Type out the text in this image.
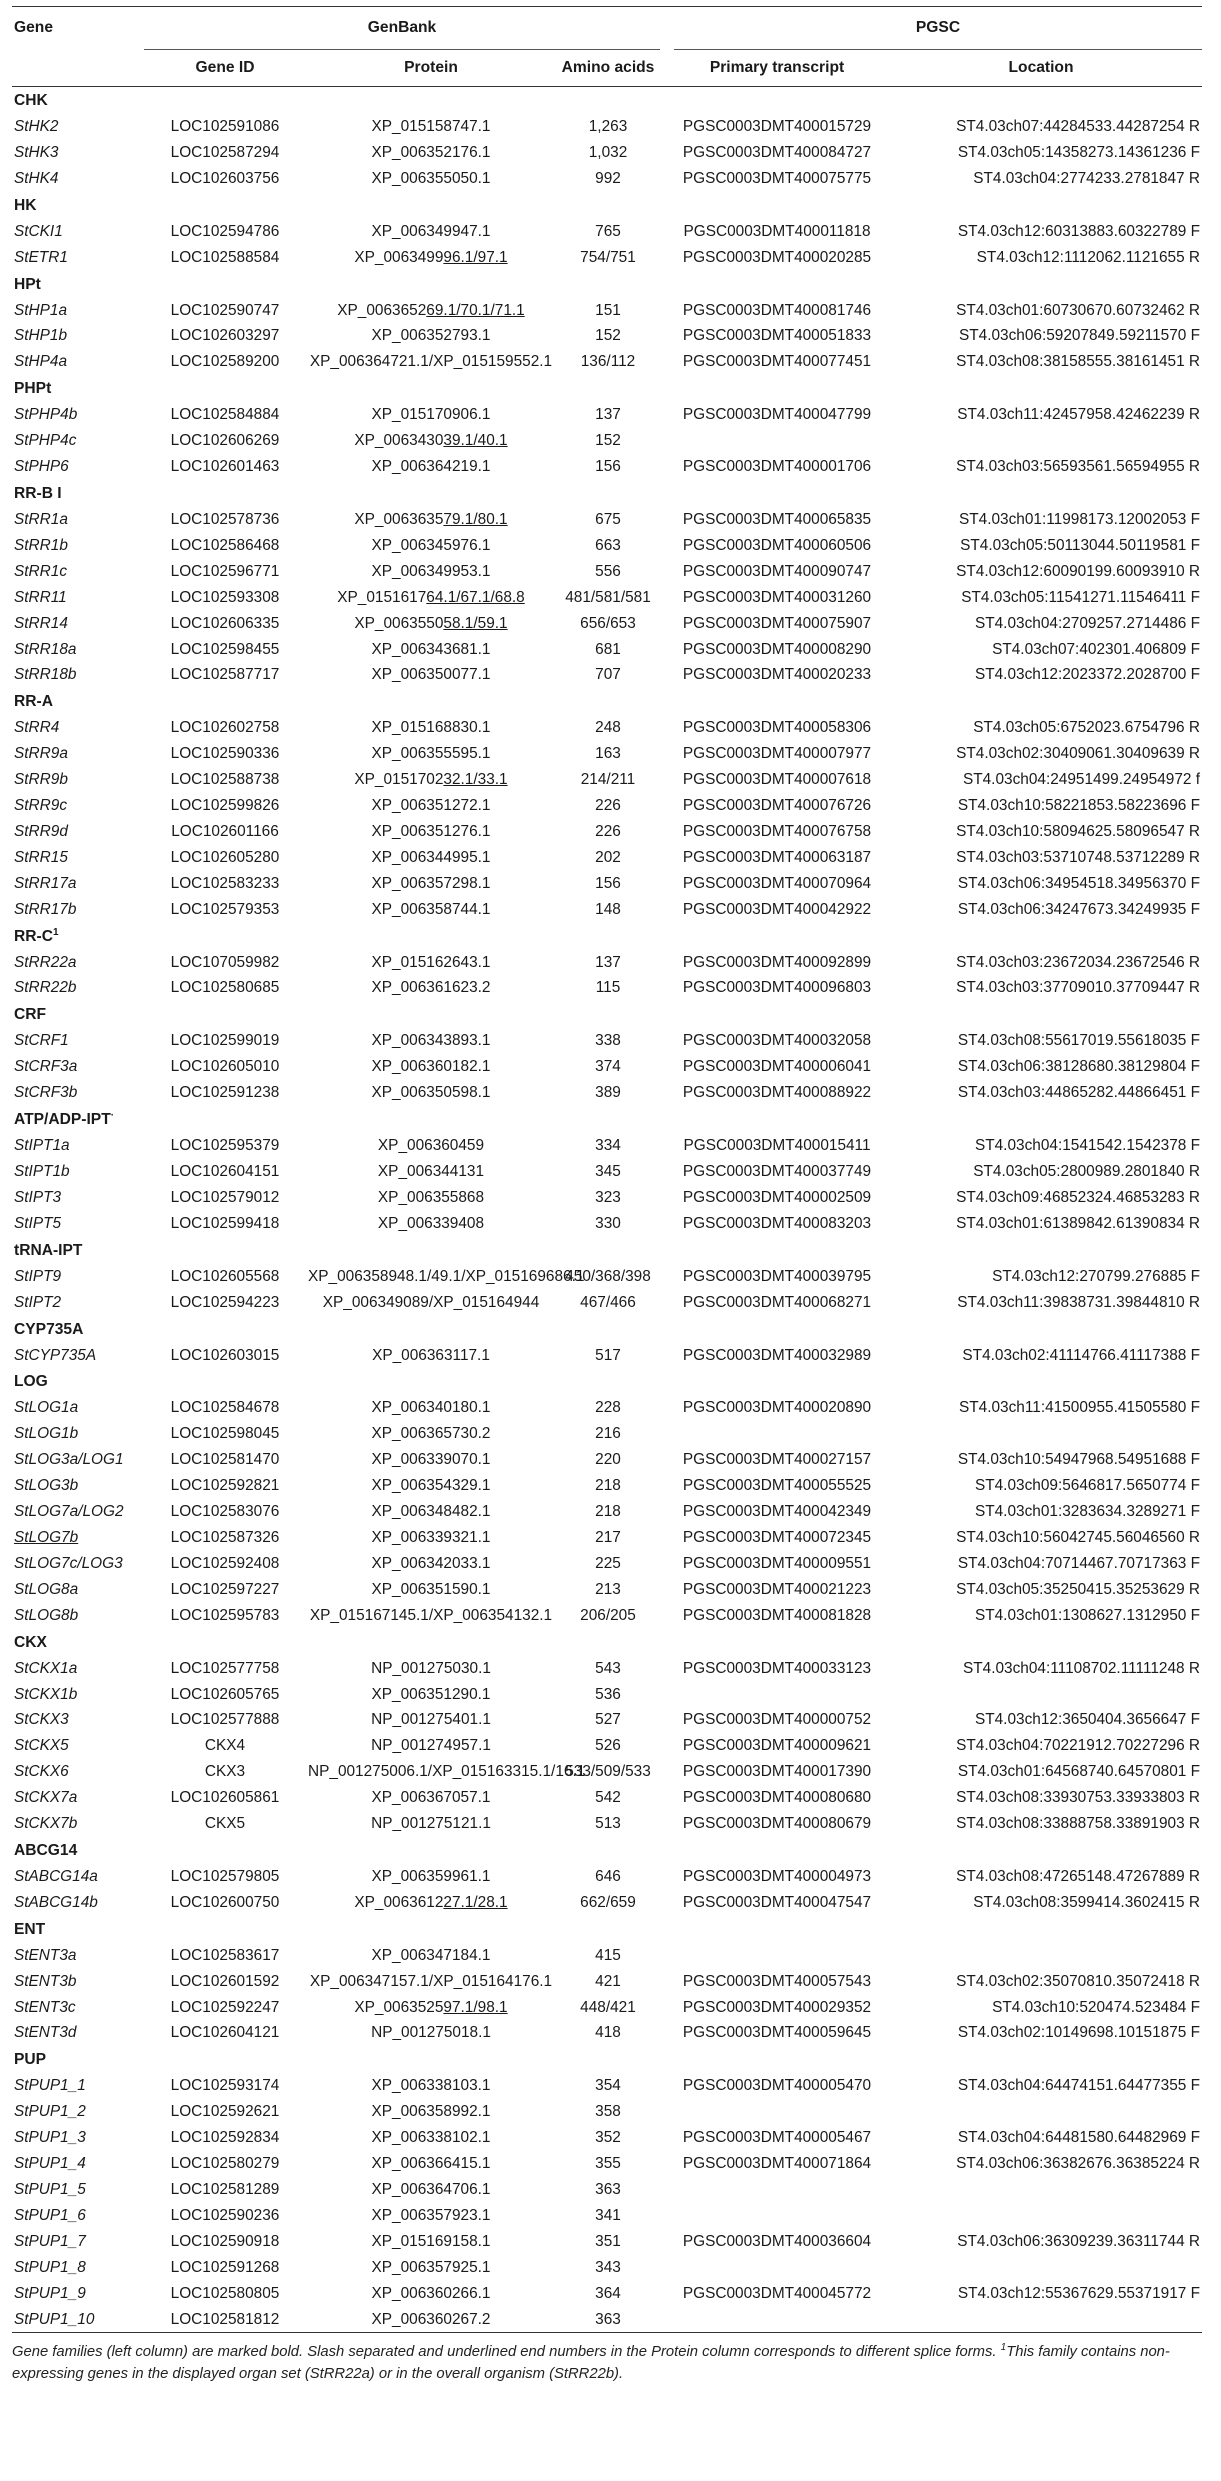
Gene	GenBank				PGSC	
	Gene ID	Protein	Amino acids		Primary transcript	Location
CHK						
StHK2	LOC102591086	XP_015158747.1	1,263		PGSC0003DMT400015729	ST4.03ch07:44284533.44287254 R
StHK3	LOC102587294	XP_006352176.1	1,032		PGSC0003DMT400084727	ST4.03ch05:14358273.14361236 F
StHK4	LOC102603756	XP_006355050.1	992		PGSC0003DMT400075775	ST4.03ch04:2774233.2781847 R
HK						
StCKI1	LOC102594786	XP_006349947.1	765		PGSC0003DMT400011818	ST4.03ch12:60313883.60322789 F
StETR1	LOC102588584	XP_006349996.1/97.1	754/751		PGSC0003DMT400020285	ST4.03ch12:1112062.1121655 R
HPt						
StHP1a	LOC102590747	XP_006365269.1/70.1/71.1	151		PGSC0003DMT400081746	ST4.03ch01:60730670.60732462 R
StHP1b	LOC102603297	XP_006352793.1	152		PGSC0003DMT400051833	ST4.03ch06:59207849.59211570 F
StHP4a	LOC102589200	XP_006364721.1/XP_015159552.1	136/112		PGSC0003DMT400077451	ST4.03ch08:38158555.38161451 R
PHPt						
StPHP4b	LOC102584884	XP_015170906.1	137		PGSC0003DMT400047799	ST4.03ch11:42457958.42462239 R
StPHP4c	LOC102606269	XP_006343039.1/40.1	152			
StPHP6	LOC102601463	XP_006364219.1	156		PGSC0003DMT400001706	ST4.03ch03:56593561.56594955 R
RR-B I						
StRR1a	LOC102578736	XP_006363579.1/80.1	675		PGSC0003DMT400065835	ST4.03ch01:11998173.12002053 F
StRR1b	LOC102586468	XP_006345976.1	663		PGSC0003DMT400060506	ST4.03ch05:50113044.50119581 F
StRR1c	LOC102596771	XP_006349953.1	556		PGSC0003DMT400090747	ST4.03ch12:60090199.60093910 R
StRR11	LOC102593308	XP_015161764.1/67.1/68.8	481/581/581		PGSC0003DMT400031260	ST4.03ch05:11541271.11546411 F
StRR14	LOC102606335	XP_006355058.1/59.1	656/653		PGSC0003DMT400075907	ST4.03ch04:2709257.2714486 F
StRR18a	LOC102598455	XP_006343681.1	681		PGSC0003DMT400008290	ST4.03ch07:402301.406809 F
StRR18b	LOC102587717	XP_006350077.1	707		PGSC0003DMT400020233	ST4.03ch12:2023372.2028700 F
RR-A						
StRR4	LOC102602758	XP_015168830.1	248		PGSC0003DMT400058306	ST4.03ch05:6752023.6754796 R
StRR9a	LOC102590336	XP_006355595.1	163		PGSC0003DMT400007977	ST4.03ch02:30409061.30409639 R
StRR9b	LOC102588738	XP_015170232.1/33.1	214/211		PGSC0003DMT400007618	ST4.03ch04:24951499.24954972 f
StRR9c	LOC102599826	XP_006351272.1	226		PGSC0003DMT400076726	ST4.03ch10:58221853.58223696 F
StRR9d	LOC102601166	XP_006351276.1	226		PGSC0003DMT400076758	ST4.03ch10:58094625.58096547 R
StRR15	LOC102605280	XP_006344995.1	202		PGSC0003DMT400063187	ST4.03ch03:53710748.53712289 R
StRR17a	LOC102583233	XP_006357298.1	156		PGSC0003DMT400070964	ST4.03ch06:34954518.34956370 F
StRR17b	LOC102579353	XP_006358744.1	148		PGSC0003DMT400042922	ST4.03ch06:34247673.34249935 F
$RR-C^1$
StRR22a	LOC107059982	XP_015162643.1	137		PGSC0003DMT400092899	ST4.03ch03:23672034.23672546 R
StRR22b	LOC102580685	XP_006361623.2	115		PGSC0003DMT400096803	ST4.03ch03:37709010.37709447 R
CRF						
StCRF1	LOC102599019	XP_006343893.1	338		PGSC0003DMT400032058	ST4.03ch08:55617019.55618035 F
StCRF3a	LOC102605010	XP_006360182.1	374		PGSC0003DMT400006041	ST4.03ch06:38128680.38129804 F
StCRF3b	LOC102591238	XP_006350598.1	389		PGSC0003DMT400088922	ST4.03ch03:44865282.44866451 F
ATP/ADP-IPT·
StIPT1a	LOC102595379	XP_006360459	334		PGSC0003DMT400015411	ST4.03ch04:1541542.1542378 F
StIPT1b	LOC102604151	XP_006344131	345		PGSC0003DMT400037749	ST4.03ch05:2800989.2801840 R
StIPT3	LOC102579012	XP_006355868	323		PGSC0003DMT400002509	ST4.03ch09:46852324.46853283 R
StIPT5	LOC102599418	XP_006339408	330		PGSC0003DMT400083203	ST4.03ch01:61389842.61390834 R
tRNA-IPT						
StIPT9	LOC102605568	XP_006358948.1/49.1/XP_015169686.1	450/368/398		PGSC0003DMT400039795	ST4.03ch12:270799.276885 F
StIPT2	LOC102594223	XP_006349089/XP_015164944	467/466		PGSC0003DMT400068271	ST4.03ch11:39838731.39844810 R
CYP735A						
StCYP735A	LOC102603015	XP_006363117.1	517		PGSC0003DMT400032989	ST4.03ch02:41114766.41117388 F
LOG						
StLOG1a	LOC102584678	XP_006340180.1	228		PGSC0003DMT400020890	ST4.03ch11:41500955.41505580 F
StLOG1b	LOC102598045	XP_006365730.2	216			
StLOG3a/LOG1	LOC102581470	XP_006339070.1	220		PGSC0003DMT400027157	ST4.03ch10:54947968.54951688 F
StLOG3b	LOC102592821	XP_006354329.1	218		PGSC0003DMT400055525	ST4.03ch09:5646817.5650774 F
StLOG7a/LOG2	LOC102583076	XP_006348482.1	218		PGSC0003DMT400042349	ST4.03ch01:3283634.3289271 F
StLOG7b	LOC102587326	XP_006339321.1	217		PGSC0003DMT400072345	ST4.03ch10:56042745.56046560 R
StLOG7c/LOG3	LOC102592408	XP_006342033.1	225		PGSC0003DMT400009551	ST4.03ch04:70714467.70717363 F
StLOG8a	LOC102597227	XP_006351590.1	213		PGSC0003DMT400021223	ST4.03ch05:35250415.35253629 R
StLOG8b	LOC102595783	XP_015167145.1/XP_006354132.1	206/205		PGSC0003DMT400081828	ST4.03ch01:1308627.1312950 F
CKX						
StCKX1a	LOC102577758	NP_001275030.1	543		PGSC0003DMT400033123	ST4.03ch04:11108702.11111248 R
StCKX1b	LOC102605765	XP_006351290.1	536			
StCKX3	LOC102577888	NP_001275401.1	527		PGSC0003DMT400000752	ST4.03ch12:3650404.3656647 F
StCKX5	CKX4	NP_001274957.1	526		PGSC0003DMT400009621	ST4.03ch04:70221912.70227296 R
StCKX6	CKX3	NP_001275006.1/XP_015163315.1/16.1	533/509/533		PGSC0003DMT400017390	ST4.03ch01:64568740.64570801 F
StCKX7a	LOC102605861	XP_006367057.1	542		PGSC0003DMT400080680	ST4.03ch08:33930753.33933803 R
StCKX7b	CKX5	NP_001275121.1	513		PGSC0003DMT400080679	ST4.03ch08:33888758.33891903 R
ABCG14						
StABCG14a	LOC102579805	XP_006359961.1	646		PGSC0003DMT400004973	ST4.03ch08:47265148.47267889 R
StABCG14b	LOC102600750	XP_006361227.1/28.1	662/659		PGSC0003DMT400047547	ST4.03ch08:3599414.3602415 R
ENT						
StENT3a	LOC102583617	XP_006347184.1	415			
StENT3b	LOC102601592	XP_006347157.1/XP_015164176.1	421		PGSC0003DMT400057543	ST4.03ch02:35070810.35072418 R
StENT3c	LOC102592247	XP_006352597.1/98.1	448/421		PGSC0003DMT400029352	ST4.03ch10:520474.523484 F
StENT3d	LOC102604121	NP_001275018.1	418		PGSC0003DMT400059645	ST4.03ch02:10149698.10151875 F
PUP						
StPUP1_1	LOC102593174	XP_006338103.1	354		PGSC0003DMT400005470	ST4.03ch04:64474151.64477355 F
StPUP1_2	LOC102592621	XP_006358992.1	358			
StPUP1_3	LOC102592834	XP_006338102.1	352		PGSC0003DMT400005467	ST4.03ch04:64481580.64482969 F
StPUP1_4	LOC102580279	XP_006366415.1	355		PGSC0003DMT400071864	ST4.03ch06:36382676.36385224 R
StPUP1_5	LOC102581289	XP_006364706.1	363			
StPUP1_6	LOC102590236	XP_006357923.1	341			
StPUP1_7	LOC102590918	XP_015169158.1	351		PGSC0003DMT400036604	ST4.03ch06:36309239.36311744 R
StPUP1_8	LOC102591268	XP_006357925.1	343			
StPUP1_9	LOC102580805	XP_006360266.1	364		PGSC0003DMT400045772	ST4.03ch12:55367629.55371917 F
StPUP1_10	LOC102581812	XP_006360267.2	363			
Gene families (left column) are marked bold. Slash separated and underlined end numbers in the Protein column corresponds to different splice forms. $^1$This family contains non-expressing genes in the displayed organ set (StRR22a) or in the overall organism (StRR22b).
